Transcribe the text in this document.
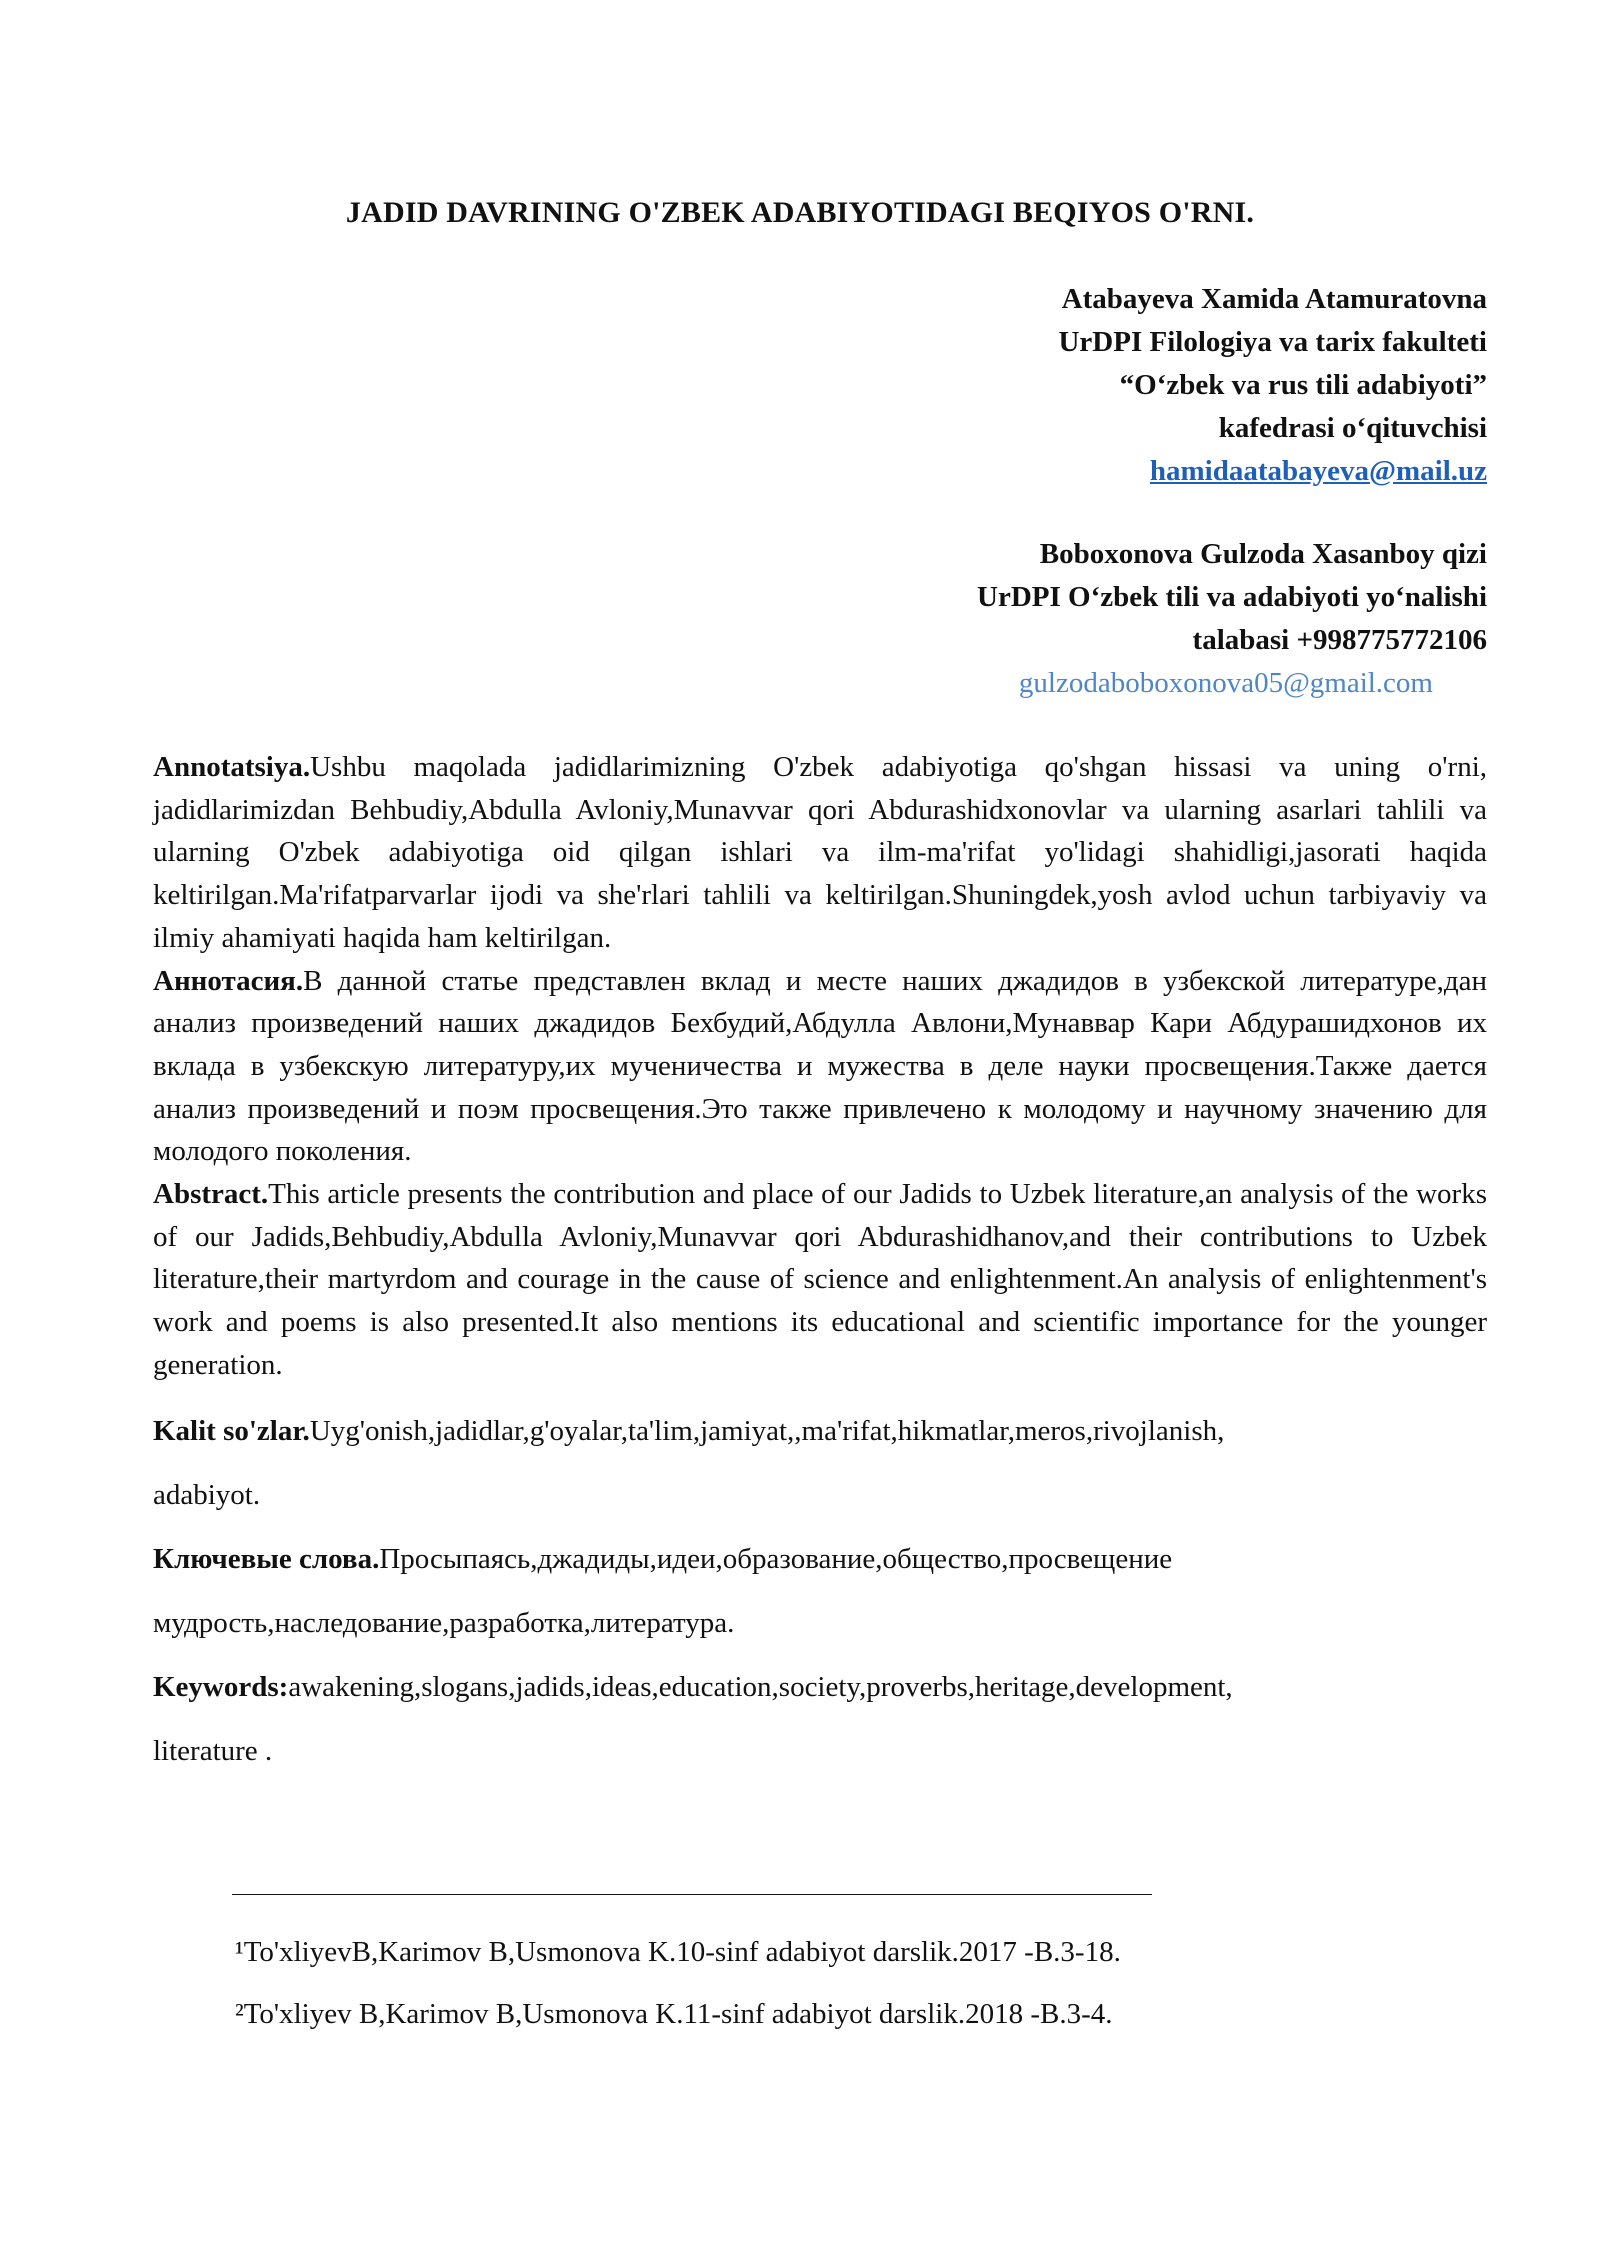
JADID DAVRINING O'ZBEK ADABIYOTIDAGI BEQIYOS O'RNI.
Atabayeva Xamida Atamuratovna
UrDPI Filologiya va tarix fakulteti
“O‘zbek va rus tili adabiyoti”
kafedrasi o‘qituvchisi
hamidaatabayeva@mail.uz
Boboxonova Gulzoda Xasanboy qizi
UrDPI O‘zbek tili va adabiyoti yo‘nalishi
talabasi +998775772106
gulzodaboboxonova05@gmail.com

Annotatsiya.Ushbu maqolada jadidlarimizning O'zbek adabiyotiga qo'shgan hissasi va uning o'rni, jadidlarimizdan Behbudiy,Abdulla Avloniy,Munavvar qori Abdurashidxonovlar va ularning asarlari tahlili va ularning O'zbek adabiyotiga oid qilgan ishlari va ilm-ma'rifat yo'lidagi shahidligi,jasorati haqida keltirilgan.Ma'rifatparvarlar ijodi va she'rlari tahlili va keltirilgan.Shuningdek,yosh avlod uchun tarbiyaviy va ilmiy ahamiyati haqida ham keltirilgan.

Аннотасия.В данной статье представлен вклад и месте наших джадидов в узбекской литературе,дан анализ произведений наших джадидов Бехбудий,Абдулла Авлони,Мунаввар Кари Абдурашидхонов их вклада в узбекскую литературу,их мученичества и мужества в деле науки просвещения.Также дается анализ произведений и поэм просвещения.Это также привлечено к молодому и научному значению для молодого поколения.

Abstract.This article presents the contribution and place of our Jadids to Uzbek literature,an analysis of the works of our Jadids,Behbudiy,Abdulla Avloniy,Munavvar qori Abdurashidhanov,and their contributions to Uzbek literature,their martyrdom and courage in the cause of science and enlightenment.An analysis of enlightenment's work and poems is also presented.It also mentions its educational and scientific importance for the younger generation.

Kalit so'zlar.Uyg'onish,jadidlar,g'oyalar,ta'lim,jamiyat,,ma'rifat,hikmatlar,meros,rivojlanish,
adabiyot.
Ключевые слова.Просыпаясь,джадиды,идеи,образование,общество,просвещение
мудрость,наследование,разработка,литература.
Keywords:awakening,slogans,jadids,ideas,education,society,proverbs,heritage,development,
literature .
¹To'xliyevB,Karimov B,Usmonova K.10-sinf adabiyot darslik.2017 -B.3-18.
²To'xliyev B,Karimov B,Usmonova K.11-sinf adabiyot darslik.2018 -B.3-4.
